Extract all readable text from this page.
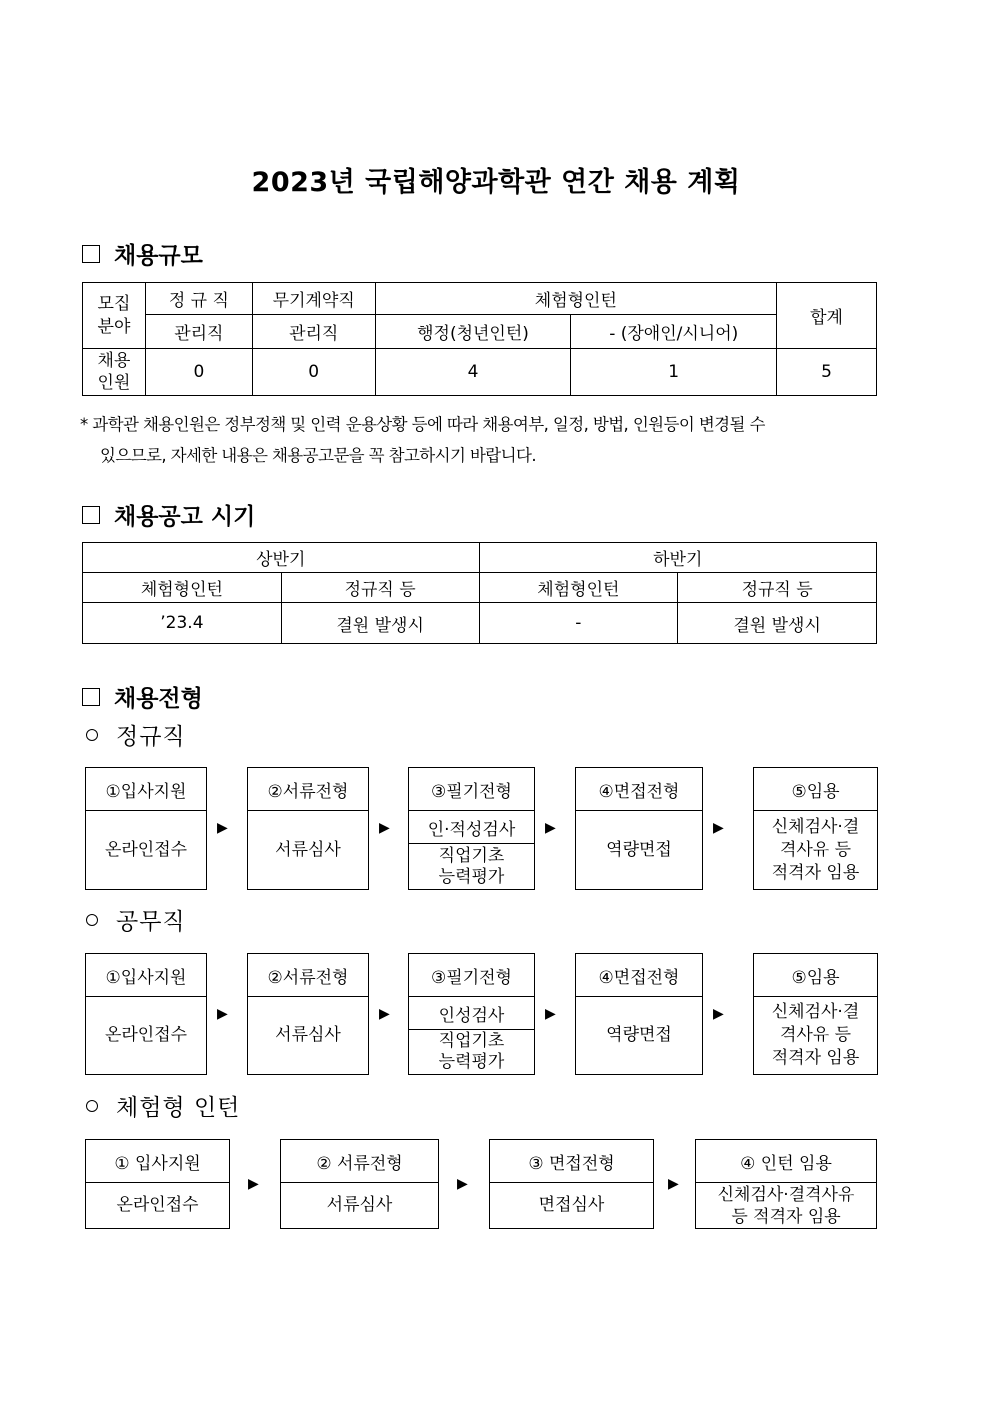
2023년 국립해양과학관 연간 채용 계획
채용규모
모집
분야	정 규 직	무기계약직	체험형인턴		합계
	관리직	관리직	행정(청년인턴)	- (장애인/시니어)	
채용
인원	0	0	4	1	5
* 과학관 채용인원은 정부정책 및 인력 운용상황 등에 따라 채용여부, 일정, 방법, 인원등이 변경될 수
있으므로, 자세한 내용은 채용공고문을 꼭 참고하시기 바랍니다.
채용공고 시기
상반기		하반기	
체험형인턴	정규직 등	체험형인턴	정규직 등
’23.4	결원 발생시	-	결원 발생시
채용전형
정규직
①입사지원
온라인접수
▶
②서류전형
서류심사
▶
③필기전형
인·적성검사
직업기초
능력평가
▶
④면접전형
역량면접
▶
⑤임용
신체검사·결
격사유 등
적격자 임용
공무직
①입사지원
온라인접수
▶
②서류전형
서류심사
▶
③필기전형
인성검사
직업기초
능력평가
▶
④면접전형
역량면접
▶
⑤임용
신체검사·결
격사유 등
적격자 임용
체험형 인턴
① 입사지원
온라인접수
▶
② 서류전형
서류심사
▶
③ 면접전형
면접심사
▶
④ 인턴 임용
신체검사·결격사유
등 적격자 임용
